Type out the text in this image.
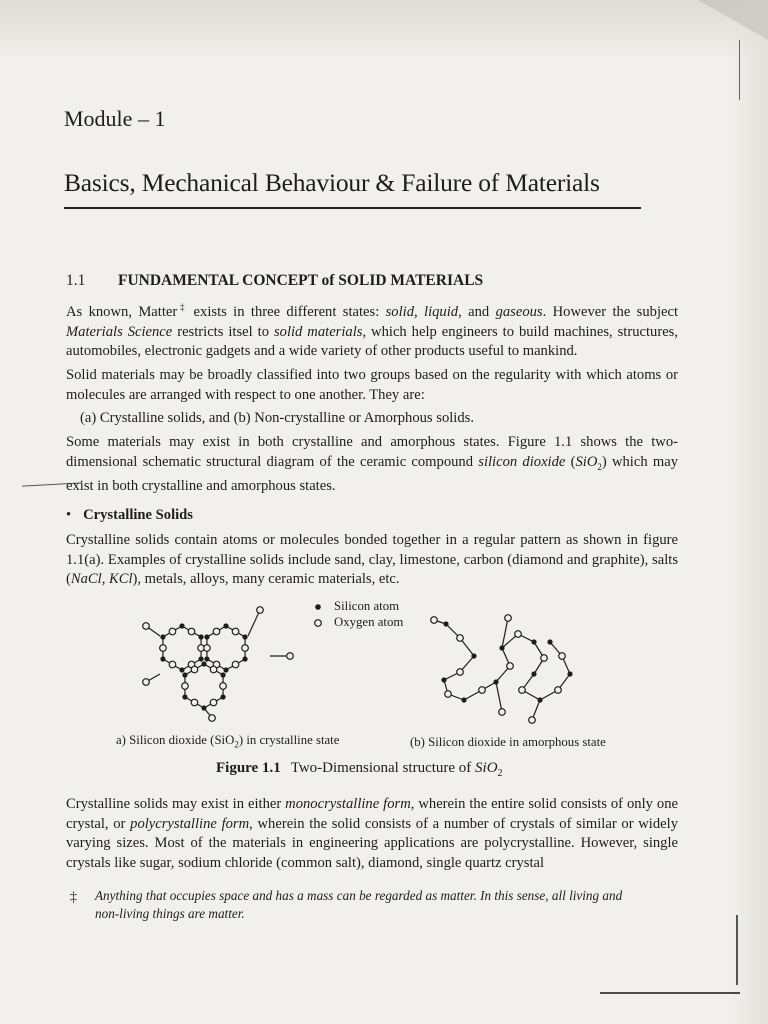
Module – 1
Basics, Mechanical Behaviour & Failure of Materials
1.1 FUNDAMENTAL CONCEPT of SOLID MATERIALS
As known, Matter‡ exists in three different states: solid, liquid, and gaseous. However the subject Materials Science restricts itsel to solid materials, which help engineers to build machines, structures, automobiles, electronic gadgets and a wide variety of other products useful to mankind.
Solid materials may be broadly classified into two groups based on the regularity with which atoms or molecules are arranged with respect to one another. They are:
(a) Crystalline solids, and (b) Non-crystalline or Amorphous solids.
Some materials may exist in both crystalline and amorphous states. Figure 1.1 shows the two-dimensional schematic structural diagram of the ceramic compound silicon dioxide (SiO$_2$) which may exist in both crystalline and amorphous states.
• Crystalline Solids
Crystalline solids contain atoms or molecules bonded together in a regular pattern as shown in figure 1.1(a). Examples of crystalline solids include sand, clay, limestone, carbon (diamond and graphite), salts (NaCl, KCl), metals, alloys, many ceramic materials, etc.
Silicon atom
Oxygen atom
a) Silicon dioxide (SiO$_2$) in crystalline state	(b) Silicon dioxide in amorphous state
Figure 1.1 Two-Dimensional structure of SiO$_2$
Crystalline solids may exist in either monocrystalline form, wherein the entire solid consists of only one crystal, or polycrystalline form, wherein the solid consists of a number of crystals of similar or widely varying sizes. Most of the materials in engineering applications are polycrystalline. However, single crystals like sugar, sodium chloride (common salt), diamond, single quartz crystal
‡ Anything that occupies space and has a mass can be regarded as matter. In this sense, all living and
non-living things are matter.
